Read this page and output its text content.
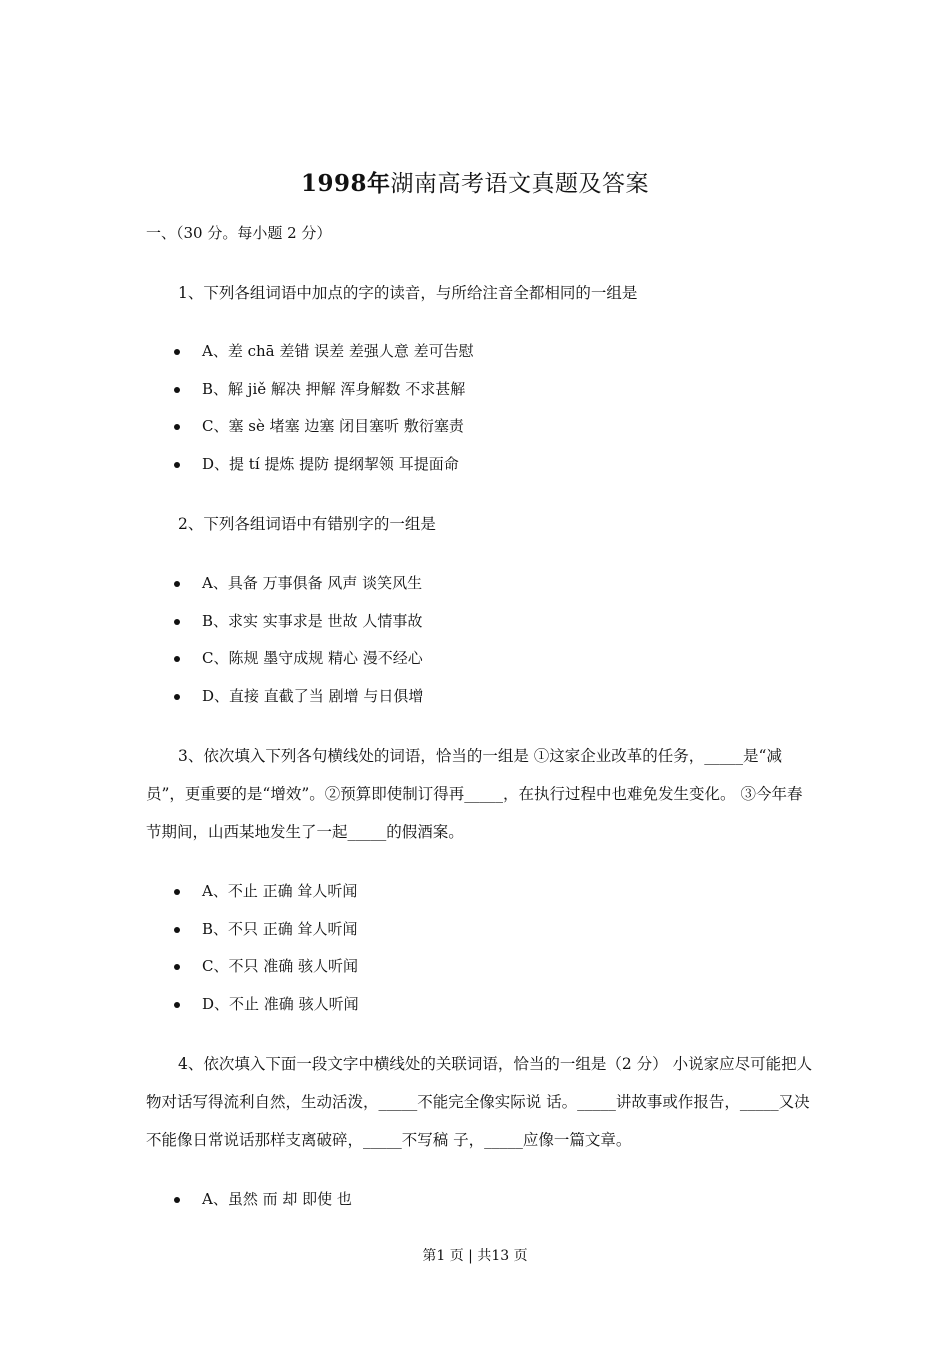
1998年湖南高考语文真题及答案
一、（30 分。每小题 2 分）

1、下列各组词语中加点的字的读音，与所给注音全都相同的一组是

A、差 chā 差错 误差 差强人意 差可告慰
B、解 jiě 解决 押解 浑身解数 不求甚解
C、塞 sè 堵塞 边塞 闭目塞听 敷衍塞责
D、提 tí 提炼 提防 提纲挈领 耳提面命

2、下列各组词语中有错别字的一组是

A、具备 万事俱备 风声 谈笑风生
B、求实 实事求是 世故 人情事故
C、陈规 墨守成规 精心 漫不经心
D、直接 直截了当 剧增 与日俱增

3、依次填入下列各句横线处的词语，恰当的一组是 ①这家企业改革的任务，_____是“减员”，更重要的是“增效”。②预算即使制订得再_____，在执行过程中也难免发生变化。 ③今年春节期间，山西某地发生了一起_____的假酒案。

A、不止 正确 耸人听闻
B、不只 正确 耸人听闻
C、不只 准确 骇人听闻
D、不止 准确 骇人听闻

4、依次填入下面一段文字中横线处的关联词语，恰当的一组是（2 分） 小说家应尽可能把人物对话写得流利自然，生动活泼，_____不能完全像实际说 话。_____讲故事或作报告，_____又决不能像日常说话那样支离破碎，_____不写稿 子，_____应像一篇文章。

A、虽然 而 却 即使 也
第1 页 | 共13 页
